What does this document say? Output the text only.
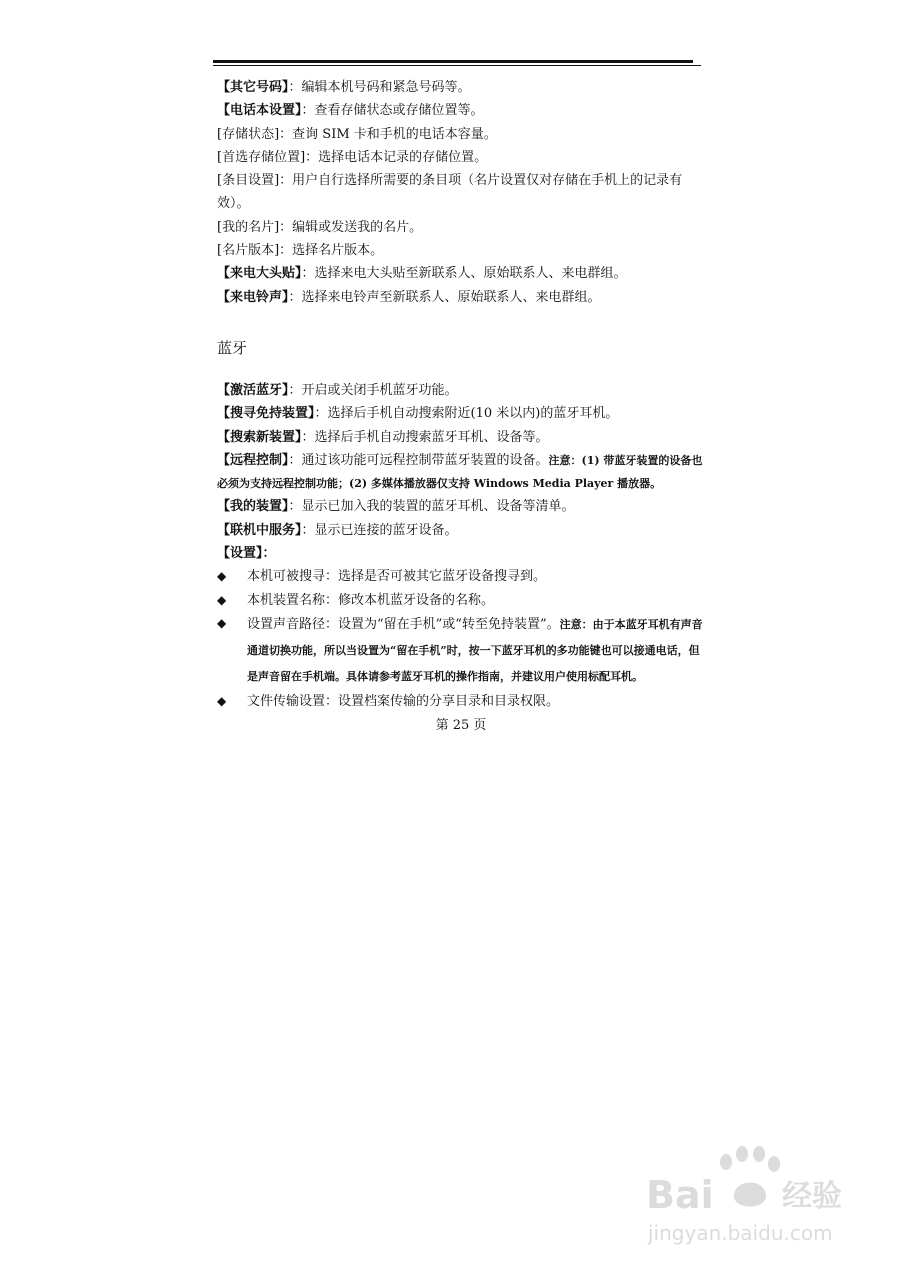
【其它号码】：编辑本机号码和紧急号码等。
【电话本设置】：查看存储状态或存储位置等。
[存储状态]：查询 SIM 卡和手机的电话本容量。
[首选存储位置]：选择电话本记录的存储位置。
[条目设置]：用户自行选择所需要的条目项（名片设置仅对存储在手机上的记录有效）。
[我的名片]：编辑或发送我的名片。
[名片版本]：选择名片版本。
【来电大头贴】：选择来电大头贴至新联系人、原始联系人、来电群组。
【来电铃声】：选择来电铃声至新联系人、原始联系人、来电群组。
蓝牙
【激活蓝牙】：开启或关闭手机蓝牙功能。
【搜寻免持装置】：选择后手机自动搜索附近(10 米以内)的蓝牙耳机。
【搜索新装置】：选择后手机自动搜索蓝牙耳机、设备等。
【远程控制】：通过该功能可远程控制带蓝牙装置的设备。注意：(1) 带蓝牙装置的设备也必须为支持远程控制功能；(2) 多媒体播放器仅支持 Windows Media Player 播放器。
【我的装置】：显示已加入我的装置的蓝牙耳机、设备等清单。
【联机中服务】：显示已连接的蓝牙设备。
【设置】：
◆	本机可被搜寻：选择是否可被其它蓝牙设备搜寻到。
◆	本机装置名称：修改本机蓝牙设备的名称。
◆	设置声音路径：设置为“留在手机”或“转至免持装置”。注意：由于本蓝牙耳机有声音通道切换功能，所以当设置为“留在手机”时，按一下蓝牙耳机的多功能键也可以接通电话，但是声音留在手机端。具体请参考蓝牙耳机的操作指南，并建议用户使用标配耳机。
◆	文件传输设置：设置档案传输的分享目录和目录权限。
第 25 页
Bai 经验
jingyan.baidu.com
